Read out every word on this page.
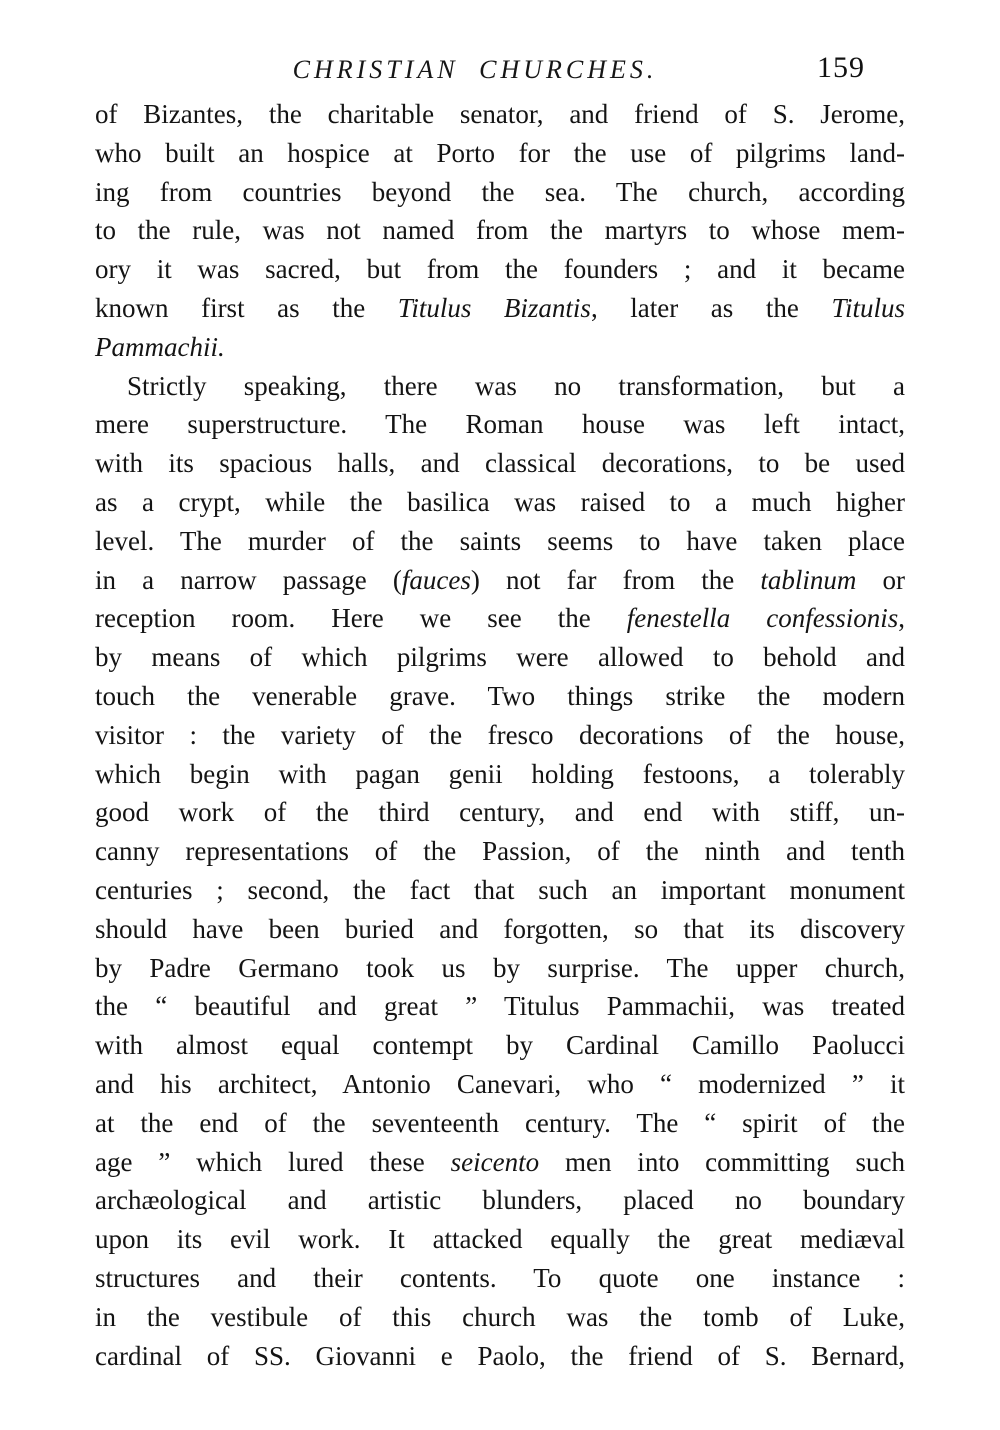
CHRISTIAN CHURCHES.	159
of Bizantes, the charitable senator, and friend of S. Jerome,
who built an hospice at Porto for the use of pilgrims land-
ing from countries beyond the sea. The church, according
to the rule, was not named from the martyrs to whose mem-
ory it was sacred, but from the founders ; and it became
known first as the Titulus Bizantis, later as the Titulus
Pammachii.
Strictly speaking, there was no transformation, but a
mere superstructure. The Roman house was left intact,
with its spacious halls, and classical decorations, to be used
as a crypt, while the basilica was raised to a much higher
level. The murder of the saints seems to have taken place
in a narrow passage (fauces) not far from the tablinum or
reception room. Here we see the fenestella confessionis,
by means of which pilgrims were allowed to behold and
touch the venerable grave. Two things strike the modern
visitor : the variety of the fresco decorations of the house,
which begin with pagan genii holding festoons, a tolerably
good work of the third century, and end with stiff, un-
canny representations of the Passion, of the ninth and tenth
centuries ; second, the fact that such an important monument
should have been buried and forgotten, so that its discovery
by Padre Germano took us by surprise. The upper church,
the “ beautiful and great ” Titulus Pammachii, was treated
with almost equal contempt by Cardinal Camillo Paolucci
and his architect, Antonio Canevari, who “ modernized ” it
at the end of the seventeenth century. The “ spirit of the
age ” which lured these seicento men into committing such
archæological and artistic blunders, placed no boundary
upon its evil work. It attacked equally the great mediæval
structures and their contents. To quote one instance :
in the vestibule of this church was the tomb of Luke,
cardinal of SS. Giovanni e Paolo, the friend of S. Bernard,
